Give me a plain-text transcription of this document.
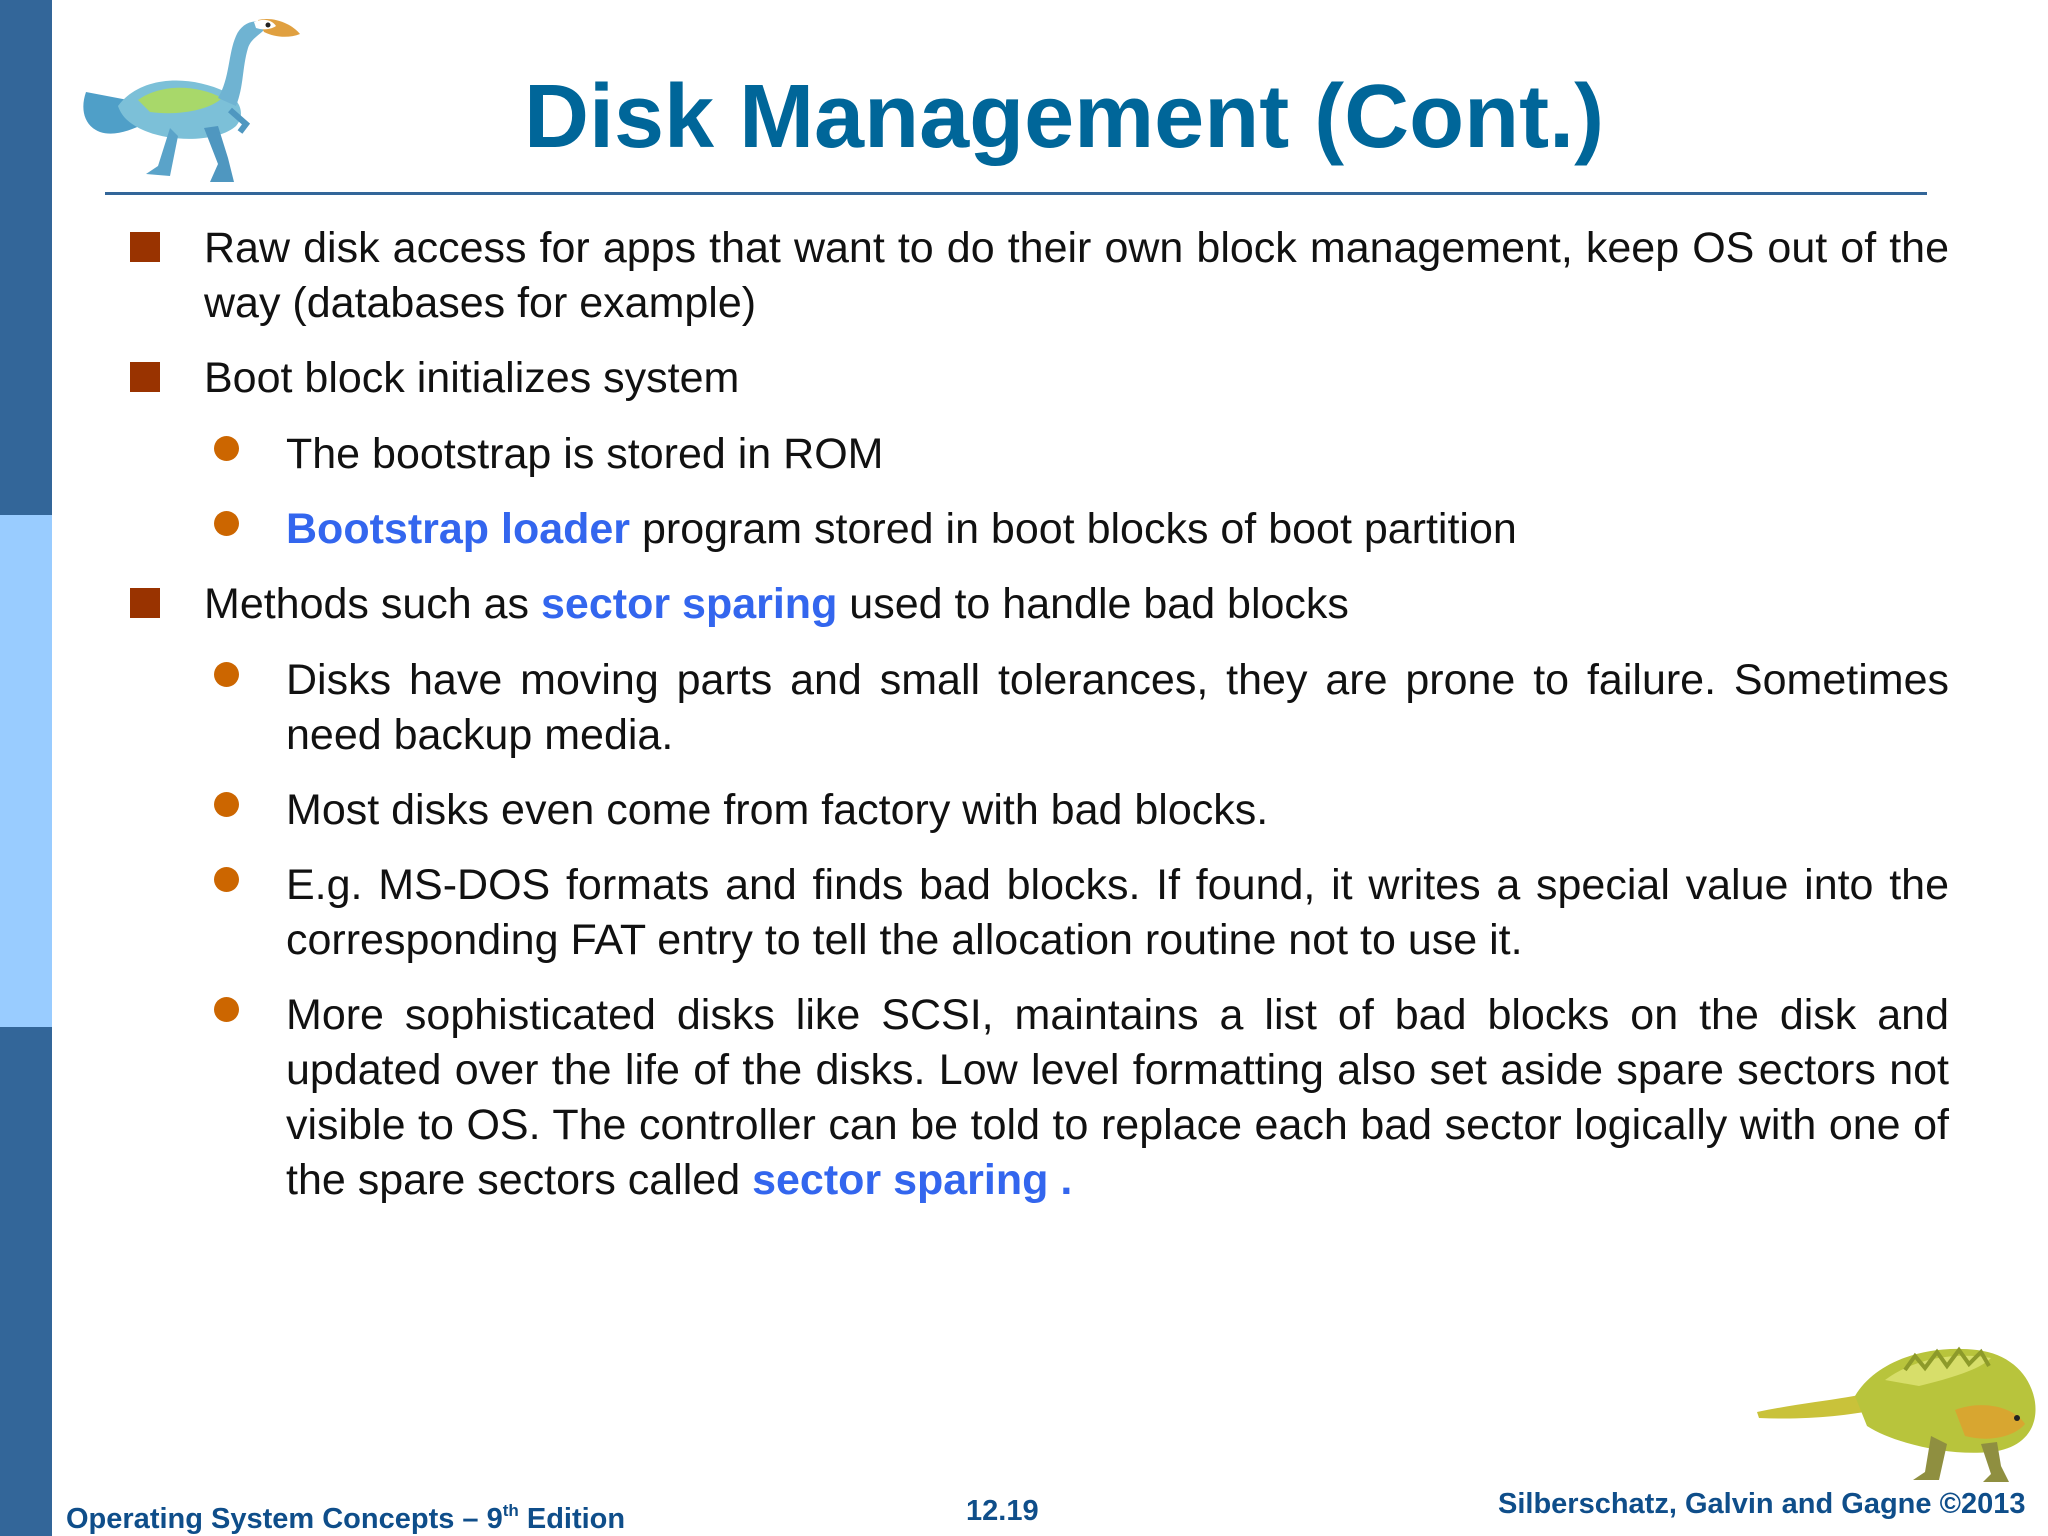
Disk Management (Cont.)
Raw disk access for apps that want to do their own block management, keep OS out of the way (databases for example)
Boot block initializes system
The bootstrap is stored in ROM
Bootstrap loader program stored in boot blocks of boot partition
Methods such as sector sparing used to handle bad blocks
Disks have moving parts and small tolerances, they are prone to failure. Sometimes need backup media.
Most disks even come from factory with bad blocks.
E.g. MS-DOS formats and finds bad blocks. If found, it writes a special value into the corresponding FAT entry to tell the allocation routine not to use it.
More sophisticated disks like SCSI, maintains a list of bad blocks on the disk and updated over the life of the disks. Low level formatting also set aside spare sectors not visible to OS. The controller can be told to replace each bad sector logically with one of the spare sectors called sector sparing .
Operating System Concepts – 9th Edition	12.19	Silberschatz, Galvin and Gagne ©2013
